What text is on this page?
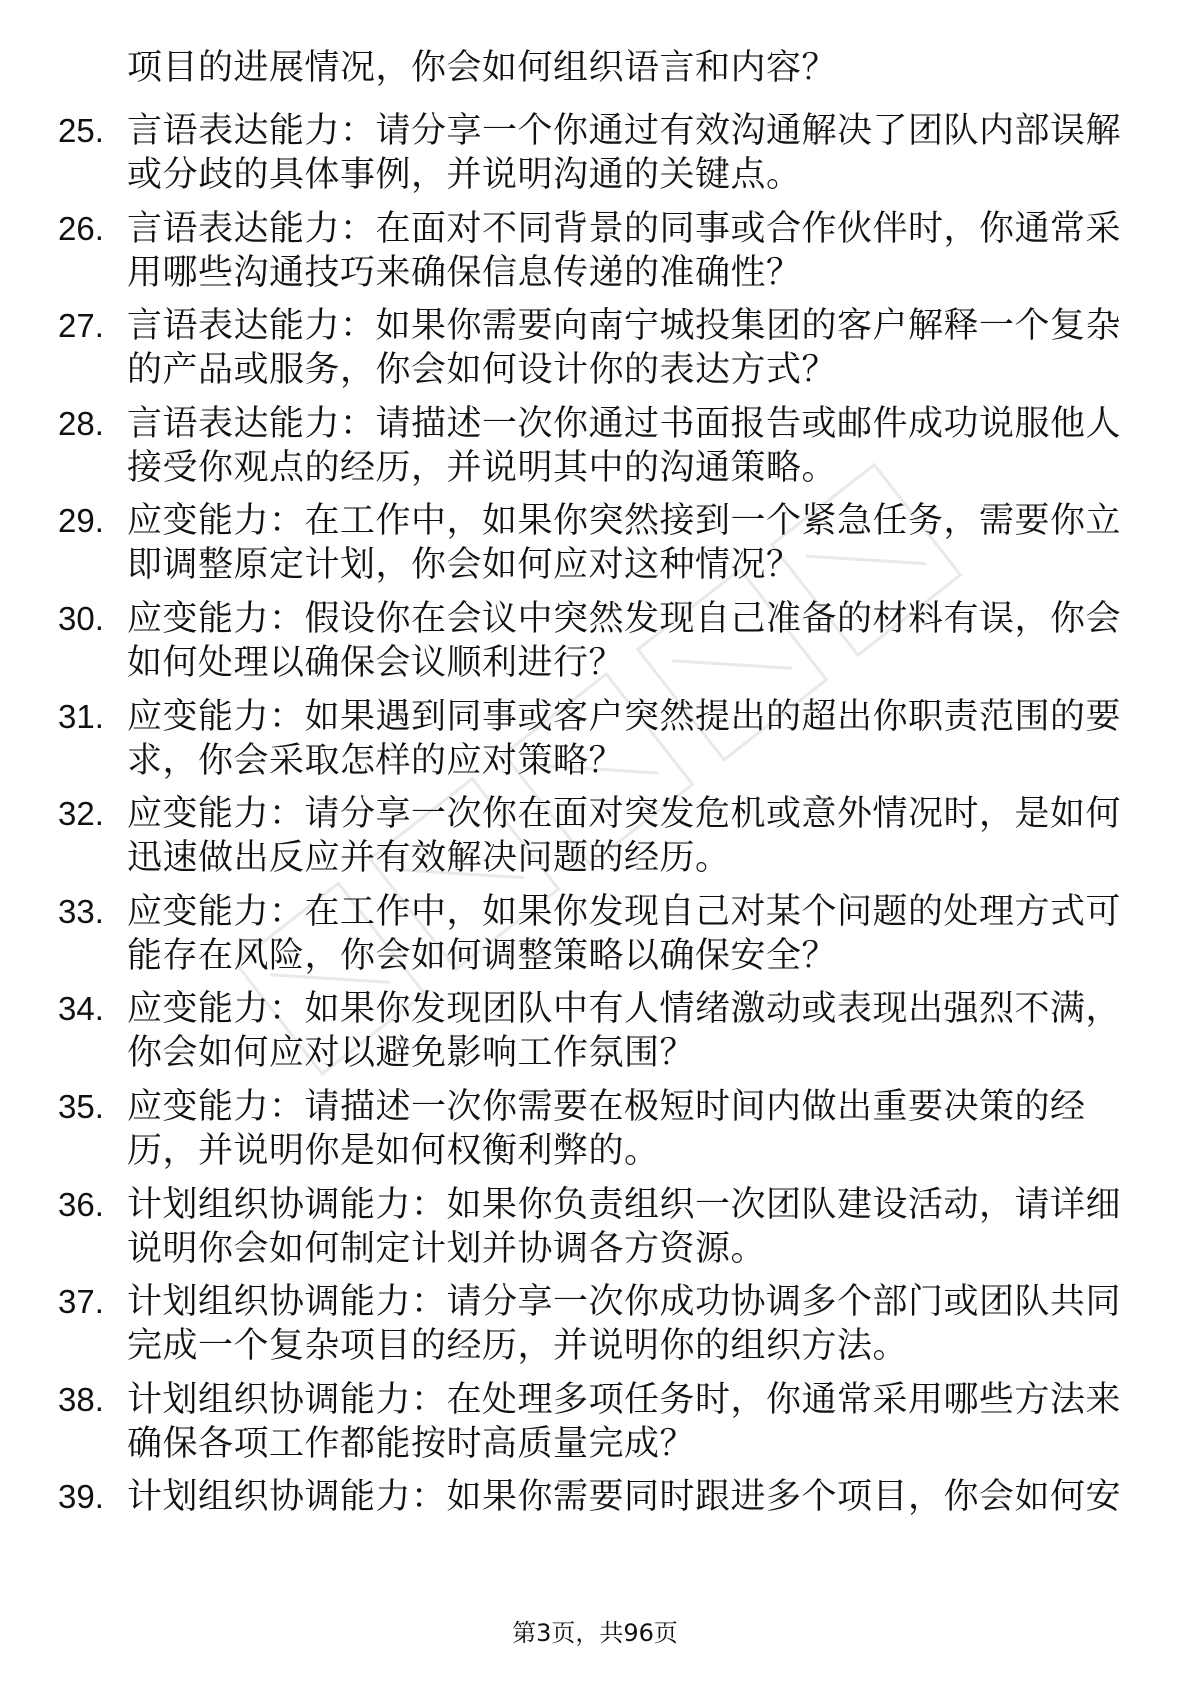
项目的进展情况，你会如何组织语言和内容？
25. 言语表达能力：请分享一个你通过有效沟通解决了团队内部误解
或分歧的具体事例，并说明沟通的关键点。
26. 言语表达能力：在面对不同背景的同事或合作伙伴时，你通常采
用哪些沟通技巧来确保信息传递的准确性？
27. 言语表达能力：如果你需要向南宁城投集团的客户解释一个复杂
的产品或服务，你会如何设计你的表达方式？
28. 言语表达能力：请描述一次你通过书面报告或邮件成功说服他人
接受你观点的经历，并说明其中的沟通策略。
29. 应变能力：在工作中，如果你突然接到一个紧急任务，需要你立
即调整原定计划，你会如何应对这种情况？
30. 应变能力：假设你在会议中突然发现自己准备的材料有误，你会
如何处理以确保会议顺利进行？
31. 应变能力：如果遇到同事或客户突然提出的超出你职责范围的要
求，你会采取怎样的应对策略？
32. 应变能力：请分享一次你在面对突发危机或意外情况时，是如何
迅速做出反应并有效解决问题的经历。
33. 应变能力：在工作中，如果你发现自己对某个问题的处理方式可
能存在风险，你会如何调整策略以确保安全？
34. 应变能力：如果你发现团队中有人情绪激动或表现出强烈不满，
你会如何应对以避免影响工作氛围？
35. 应变能力：请描述一次你需要在极短时间内做出重要决策的经
历，并说明你是如何权衡利弊的。
36. 计划组织协调能力：如果你负责组织一次团队建设活动，请详细
说明你会如何制定计划并协调各方资源。
37. 计划组织协调能力：请分享一次你成功协调多个部门或团队共同
完成一个复杂项目的经历，并说明你的组织方法。
38. 计划组织协调能力：在处理多项任务时，你通常采用哪些方法来
确保各项工作都能按时高质量完成？
39. 计划组织协调能力：如果你需要同时跟进多个项目，你会如何安
第3页，共96页
